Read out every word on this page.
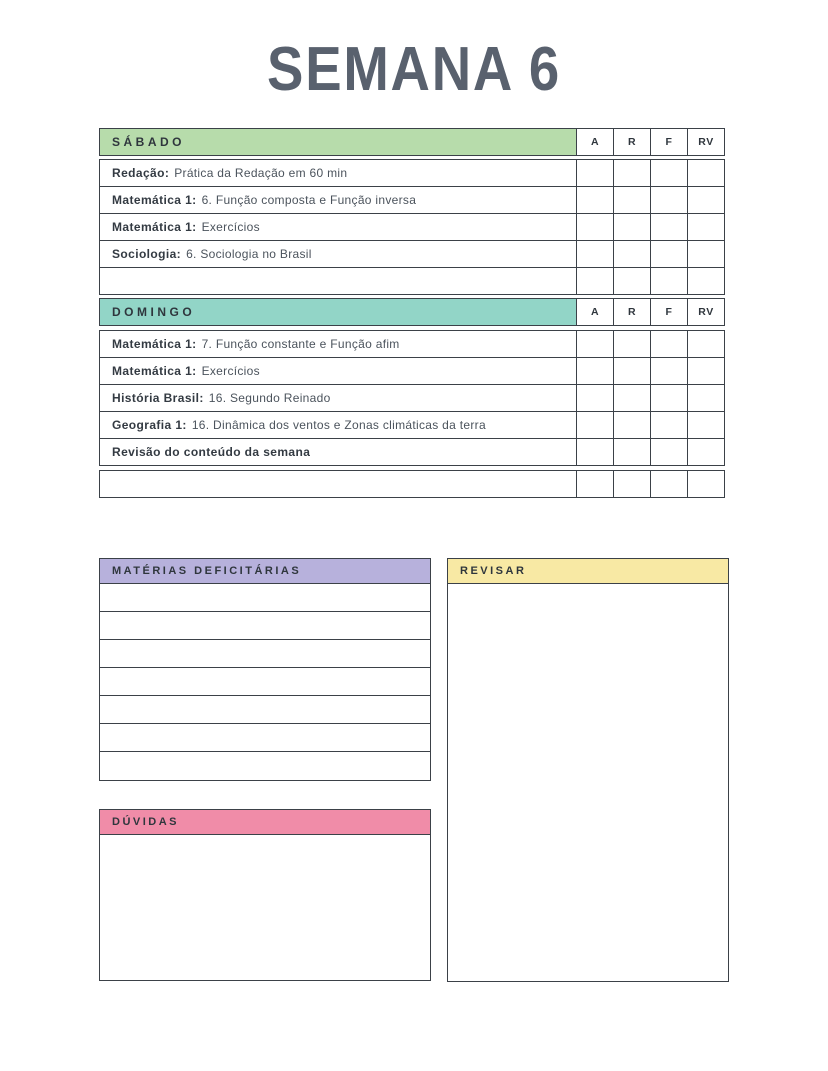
SEMANA 6
SÁBADO	A	R	F	RV
Redação: Prática da Redação em 60 min
Matemática 1: 6. Função composta e Função inversa
Matemática 1: Exercícios
Sociologia: 6. Sociologia no Brasil
DOMINGO	A	R	F	RV
Matemática 1: 7. Função constante e Função afim
Matemática 1: Exercícios
História Brasil: 16. Segundo Reinado
Geografia 1: 16. Dinâmica dos ventos e Zonas climáticas da terra
Revisão do conteúdo da semana
MATÉRIAS DEFICITÁRIAS
DÚVIDAS
REVISAR
